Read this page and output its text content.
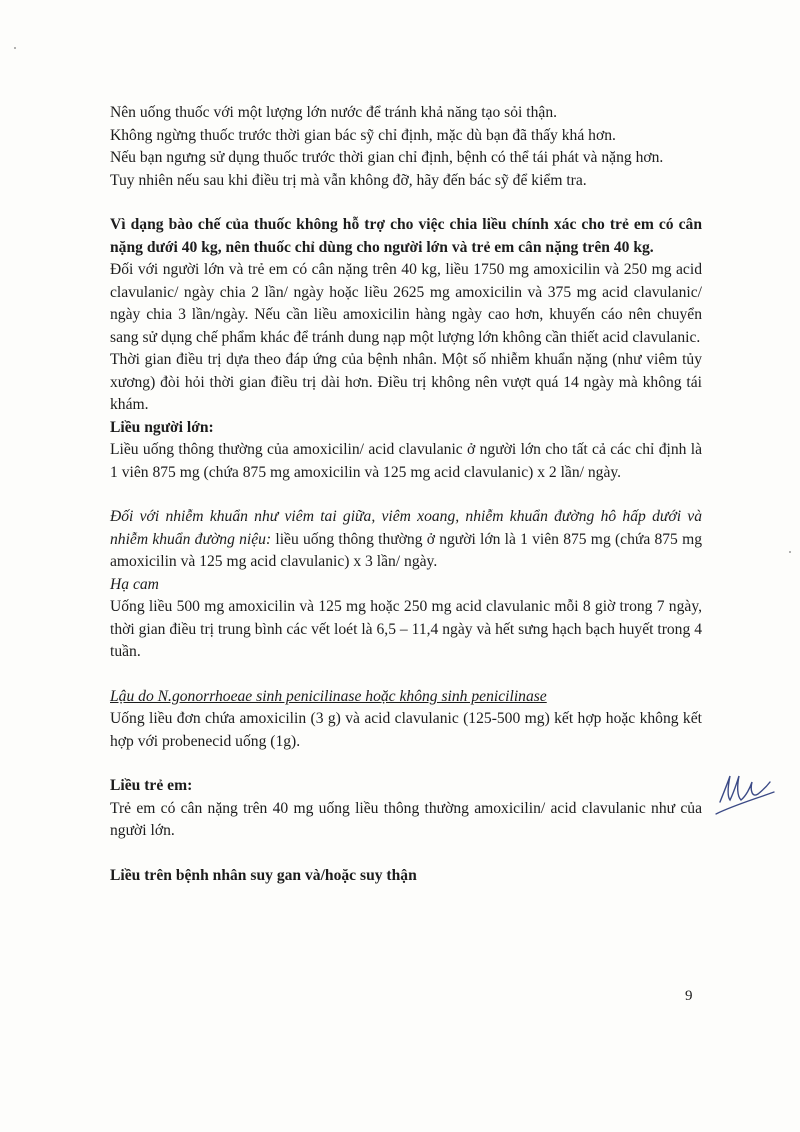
Nên uống thuốc với một lượng lớn nước để tránh khả năng tạo sỏi thận.

Không ngừng thuốc trước thời gian bác sỹ chỉ định, mặc dù bạn đã thấy khá hơn.

Nếu bạn ngưng sử dụng thuốc trước thời gian chỉ định, bệnh có thể tái phát và nặng hơn.

Tuy nhiên nếu sau khi điều trị mà vẫn không đỡ, hãy đến bác sỹ để kiểm tra.

Vì dạng bào chế của thuốc không hỗ trợ cho việc chia liều chính xác cho trẻ em có cân nặng dưới 40 kg, nên thuốc chỉ dùng cho người lớn và trẻ em cân nặng trên 40 kg.

Đối với người lớn và trẻ em có cân nặng trên 40 kg, liều 1750 mg amoxicilin và 250 mg acid clavulanic/ ngày chia 2 lần/ ngày hoặc liều 2625 mg amoxicilin và 375 mg acid clavulanic/ ngày chia 3 lần/ngày. Nếu cần liều amoxicilin hàng ngày cao hơn, khuyến cáo nên chuyển sang sử dụng chế phẩm khác để tránh dung nạp một lượng lớn không cần thiết acid clavulanic.

Thời gian điều trị dựa theo đáp ứng của bệnh nhân. Một số nhiễm khuẩn nặng (như viêm tủy xương) đòi hỏi thời gian điều trị dài hơn. Điều trị không nên vượt quá 14 ngày mà không tái khám.

Liều người lớn:

Liều uống thông thường của amoxicilin/ acid clavulanic ở người lớn cho tất cả các chỉ định là 1 viên 875 mg (chứa 875 mg amoxicilin và 125 mg acid clavulanic) x 2 lần/ ngày.

Đối với nhiễm khuẩn như viêm tai giữa, viêm xoang, nhiễm khuẩn đường hô hấp dưới và nhiễm khuẩn đường niệu: liều uống thông thường ở người lớn là 1 viên 875 mg (chứa 875 mg amoxicilin và 125 mg acid clavulanic) x 3 lần/ ngày.

Hạ cam

Uống liều 500 mg amoxicilin và 125 mg hoặc 250 mg acid clavulanic mỗi 8 giờ trong 7 ngày, thời gian điều trị trung bình các vết loét là 6,5 – 11,4 ngày và hết sưng hạch bạch huyết trong 4 tuần.

Lậu do N.gonorrhoeae sinh penicilinase hoặc không sinh penicilinase

Uống liều đơn chứa amoxicilin (3 g) và acid clavulanic (125-500 mg) kết hợp hoặc không kết hợp với probenecid uống (1g).

Liều trẻ em:

Trẻ em có cân nặng trên 40 mg uống liều thông thường amoxicilin/ acid clavulanic như của người lớn.

Liều trên bệnh nhân suy gan và/hoặc suy thận

9
